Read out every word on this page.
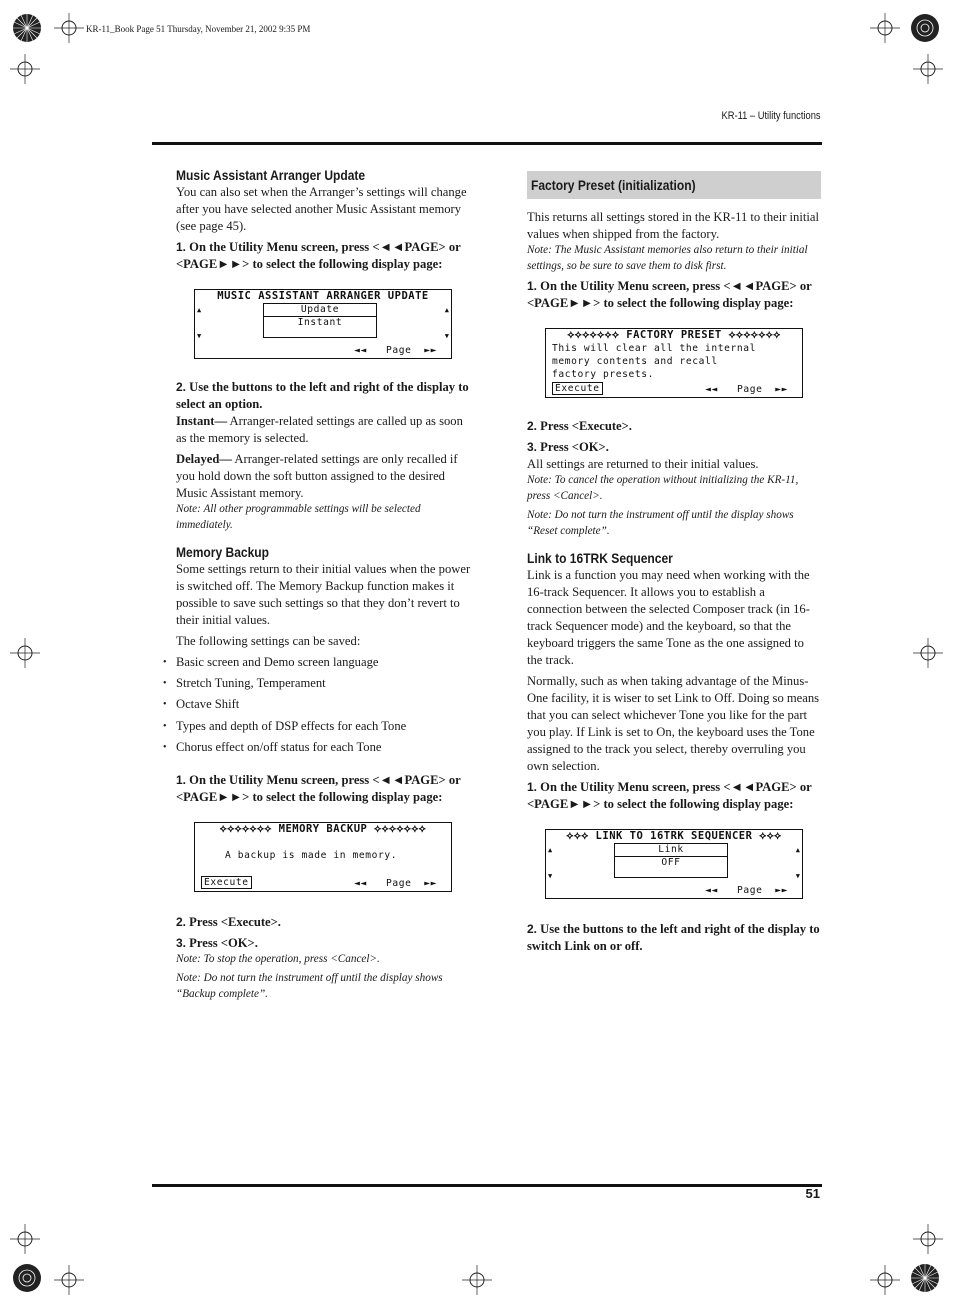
KR-11_Book Page 51 Thursday, November 21, 2002 9:35 PM
KR-11 – Utility functions
51
Music Assistant Arranger Update

You can also set when the Arranger’s settings will change after you have selected another Music Assistant memory (see page 45).

1. On the Utility Menu screen, press <◄◄PAGE> or <PAGE►►> to select the following display page:

MUSIC ASSISTANT ARRANGER UPDATE
Update
Instant
▲	▲
▼	▼
◄◄   Page  ►►

2. Use the buttons to the left and right of the display to select an option.

Instant— Arranger-related settings are called up as soon as the memory is selected.

Delayed— Arranger-related settings are only recalled if you hold down the soft button assigned to the desired Music Assistant memory.

Note: All other programmable settings will be selected immediately.

Memory Backup

Some settings return to their initial values when the power is switched off. The Memory Backup function makes it possible to save such settings so that they don’t revert to their initial values.

The following settings can be saved:

• Basic screen and Demo screen language
• Stretch Tuning, Temperament
• Octave Shift
• Types and depth of DSP effects for each Tone
• Chorus effect on/off status for each Tone

1. On the Utility Menu screen, press <◄◄PAGE> or <PAGE►►> to select the following display page:

⟡⟡⟡⟡⟡⟡⟡ MEMORY BACKUP ⟡⟡⟡⟡⟡⟡⟡
A backup is made in memory.
Execute	◄◄   Page  ►►

2. Press <Execute>.

3. Press <OK>.

Note: To stop the operation, press <Cancel>.

Note: Do not turn the instrument off until the display shows “Backup complete”.

Factory Preset (initialization)

This returns all settings stored in the KR-11 to their initial values when shipped from the factory.

Note: The Music Assistant memories also return to their initial settings, so be sure to save them to disk first.

1. On the Utility Menu screen, press <◄◄PAGE> or <PAGE►►> to select the following display page:

⟡⟡⟡⟡⟡⟡⟡ FACTORY PRESET ⟡⟡⟡⟡⟡⟡⟡
This will clear all the internal
memory contents and recall
factory presets.
Execute	◄◄   Page  ►►

2. Press <Execute>.

3. Press <OK>.

All settings are returned to their initial values.

Note: To cancel the operation without initializing the KR-11, press <Cancel>.

Note: Do not turn the instrument off until the display shows “Reset complete”.

Link to 16TRK Sequencer

Link is a function you may need when working with the 16-track Sequencer. It allows you to establish a connection between the selected Composer track (in 16-track Sequencer mode) and the keyboard, so that the keyboard triggers the same Tone as the one assigned to the track.

Normally, such as when taking advantage of the Minus-One facility, it is wiser to set Link to Off. Doing so means that you can select whichever Tone you like for the part you play. If Link is set to On, the keyboard uses the Tone assigned to the track you select, thereby overruling you own selection.

1. On the Utility Menu screen, press <◄◄PAGE> or <PAGE►►> to select the following display page:

⟡⟡⟡ LINK TO 16TRK SEQUENCER ⟡⟡⟡
Link
OFF
▲	▲
▼	▼
◄◄   Page  ►►

2. Use the buttons to the left and right of the display to switch Link on or off.
